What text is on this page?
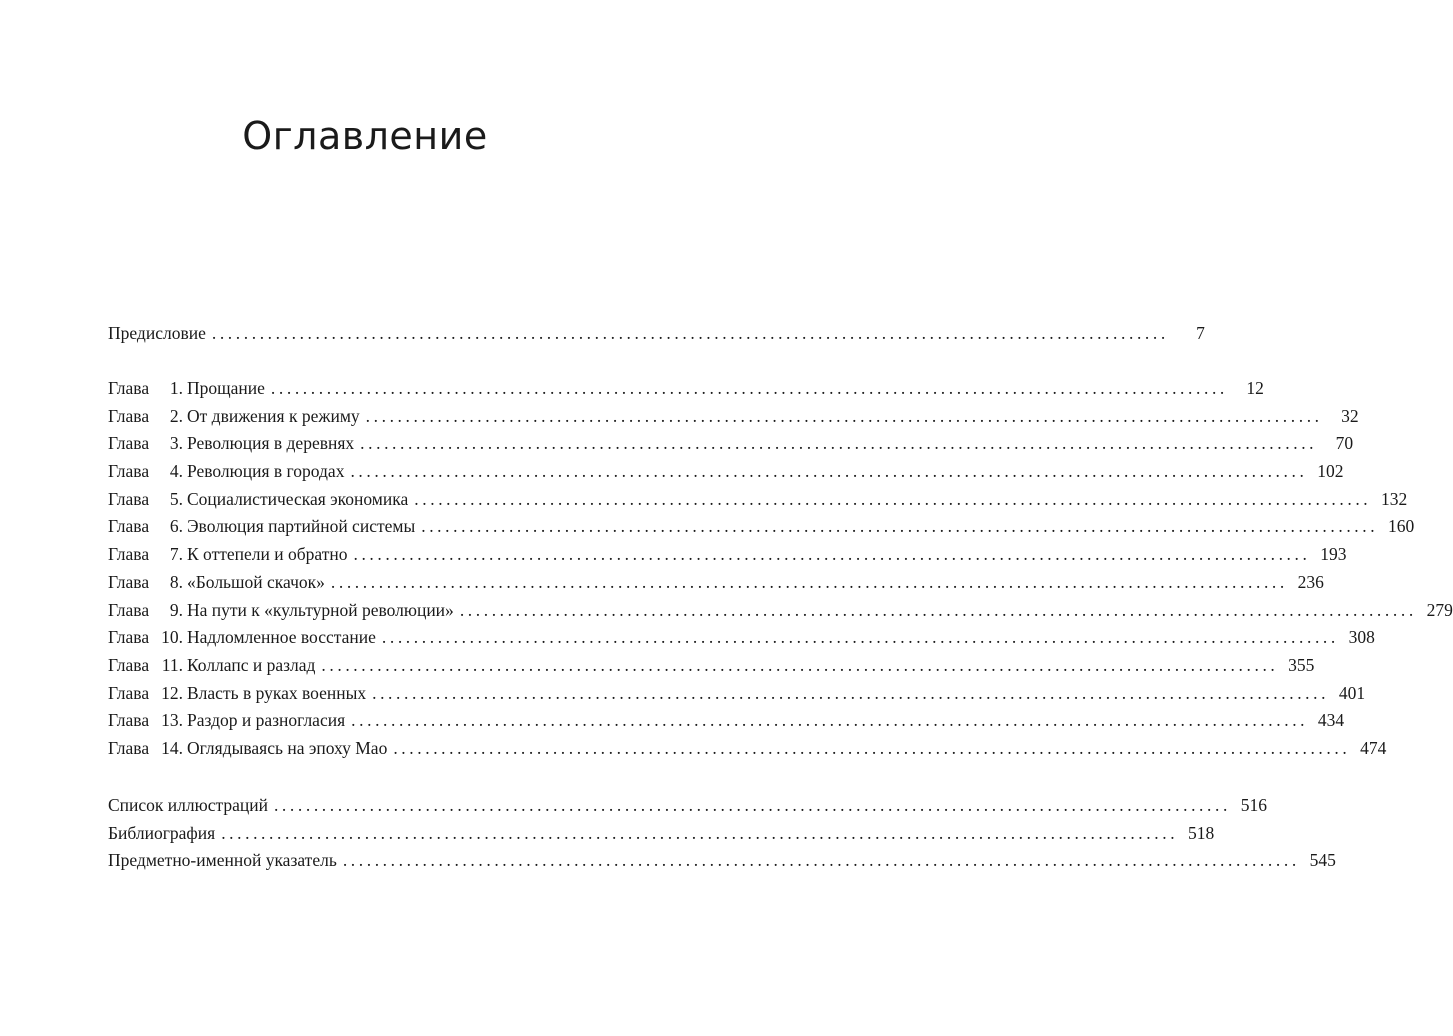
Оглавление
Предисловие ........................................................................................................................	7
Глава	1. Прощание ........................................................................................................................	12
Глава	2. От движения к режиму ........................................................................................................................	32
Глава	3. Революция в деревнях ........................................................................................................................	70
Глава	4. Революция в городах ........................................................................................................................ 102
Глава	5. Социалистическая экономика ........................................................................................................................ 132
Глава	6. Эволюция партийной системы ........................................................................................................................ 160
Глава	7. К оттепели и обратно ........................................................................................................................ 193
Глава	8. «Большой скачок» ........................................................................................................................ 236
Глава	9. На пути к «культурной революции» ........................................................................................................................ 279
Глава 10. Надломленное восстание ........................................................................................................................ 308
Глава 11. Коллапс и разлад ........................................................................................................................ 355
Глава 12. Власть в руках военных ........................................................................................................................ 401
Глава 13. Раздор и разногласия ........................................................................................................................ 434
Глава 14. Оглядываясь на эпоху Мао ........................................................................................................................ 474
Список иллюстраций ........................................................................................................................ 516
Библиография ........................................................................................................................ 518
Предметно-именной указатель ........................................................................................................................ 545
